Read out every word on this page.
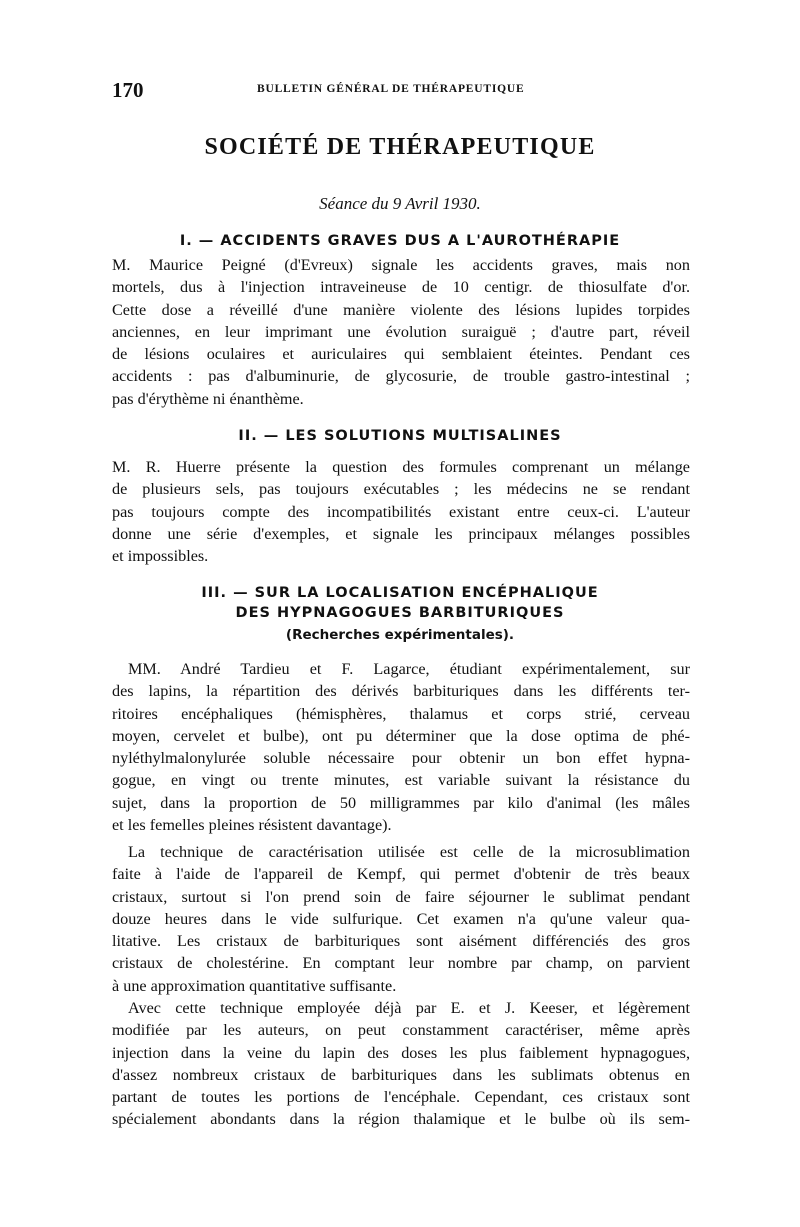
170	BULLETIN GÉNÉRAL DE THÉRAPEUTIQUE
SOCIÉTÉ DE THÉRAPEUTIQUE
Séance du 9 Avril 1930.
I. — ACCIDENTS GRAVES DUS A L'AUROTHÉRAPIE
M. Maurice Peigné (d'Evreux) signale les accidents graves, mais non
mortels, dus à l'injection intraveineuse de 10 centigr. de thiosulfate d'or.
Cette dose a réveillé d'une manière violente des lésions lupides torpides
anciennes, en leur imprimant une évolution suraiguë ; d'autre part, réveil
de lésions oculaires et auriculaires qui semblaient éteintes. Pendant ces
accidents : pas d'albuminurie, de glycosurie, de trouble gastro-intestinal ;
pas d'érythème ni énanthème.
II. — LES SOLUTIONS MULTISALINES
M. R. Huerre présente la question des formules comprenant un mélange
de plusieurs sels, pas toujours exécutables ; les médecins ne se rendant
pas toujours compte des incompatibilités existant entre ceux-ci. L'auteur
donne une série d'exemples, et signale les principaux mélanges possibles
et impossibles.
III. — SUR LA LOCALISATION ENCÉPHALIQUE
DES HYPNAGOGUES BARBITURIQUES
(Recherches expérimentales).
MM. André Tardieu et F. Lagarce, étudiant expérimentalement, sur
des lapins, la répartition des dérivés barbituriques dans les différents ter-
ritoires encéphaliques (hémisphères, thalamus et corps strié, cerveau
moyen, cervelet et bulbe), ont pu déterminer que la dose optima de phé-
nyléthylmalonylurée soluble nécessaire pour obtenir un bon effet hypna-
gogue, en vingt ou trente minutes, est variable suivant la résistance du
sujet, dans la proportion de 50 milligrammes par kilo d'animal (les mâles
et les femelles pleines résistent davantage).
La technique de caractérisation utilisée est celle de la microsublimation
faite à l'aide de l'appareil de Kempf, qui permet d'obtenir de très beaux
cristaux, surtout si l'on prend soin de faire séjourner le sublimat pendant
douze heures dans le vide sulfurique. Cet examen n'a qu'une valeur qua-
litative. Les cristaux de barbituriques sont aisément différenciés des gros
cristaux de cholestérine. En comptant leur nombre par champ, on parvient
à une approximation quantitative suffisante.
Avec cette technique employée déjà par E. et J. Keeser, et légèrement
modifiée par les auteurs, on peut constamment caractériser, même après
injection dans la veine du lapin des doses les plus faiblement hypnagogues,
d'assez nombreux cristaux de barbituriques dans les sublimats obtenus en
partant de toutes les portions de l'encéphale. Cependant, ces cristaux sont
spécialement abondants dans la région thalamique et le bulbe où ils sem-
